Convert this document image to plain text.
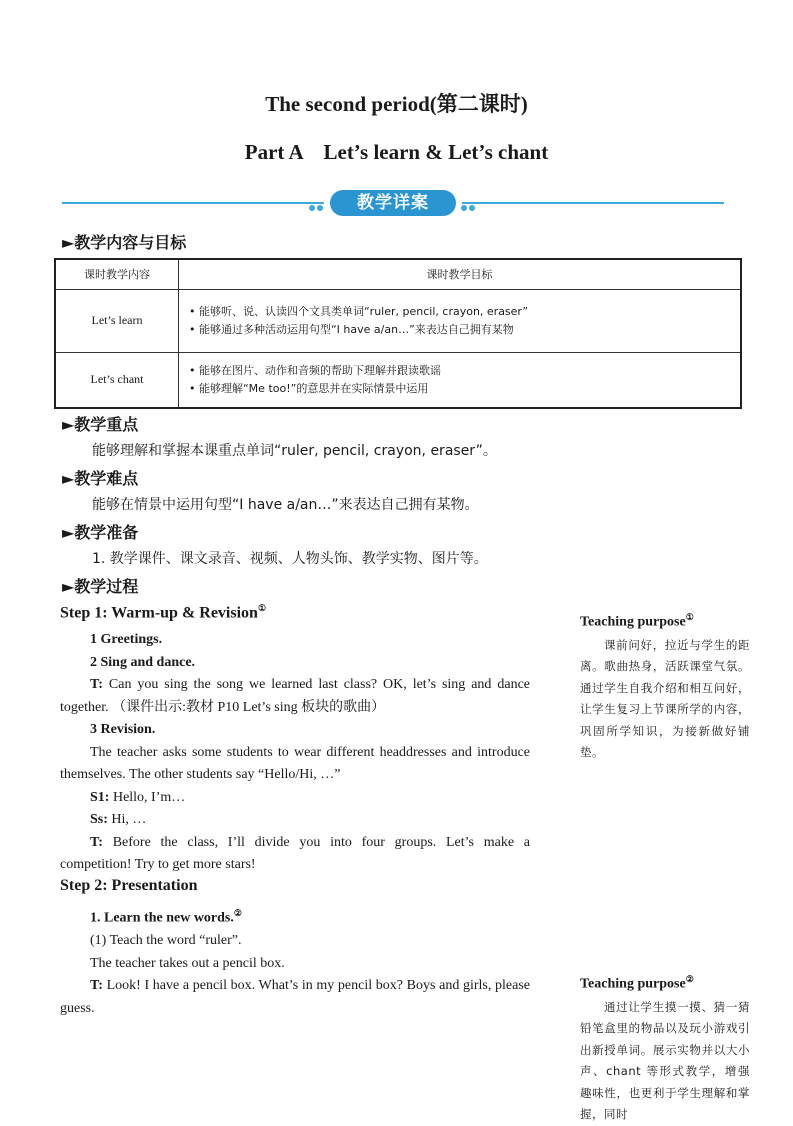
The second period(第二课时)
Part A    Let’s learn & Let’s chant
教学详案
►教学内容与目标
课时教学内容	课时教学目标
Let’s learn	• 能够听、说、认读四个文具类单词“ruler, pencil, crayon, eraser”
• 能够通过多种活动运用句型“I have a/an…”来表达自己拥有某物

Let’s chant	• 能够在图片、动作和音频的帮助下理解并跟读歌谣
• 能够理解“Me too!”的意思并在实际情景中运用
►教学重点
能够理解和掌握本课重点单词“ruler, pencil, crayon, eraser”。
►教学难点
能够在情景中运用句型“I have a/an…”来表达自己拥有某物。
►教学准备
1. 教学课件、课文录音、视频、人物头饰、教学实物、图片等。
►教学过程
Step 1: Warm-up & Revision①

1 Greetings.

2 Sing and dance.

T: Can you sing the song we learned last class? OK, let’s sing and dance together. （课件出示:教材 P10 Let’s sing 板块的歌曲）

3 Revision.

The teacher asks some students to wear different headdresses and introduce themselves. The other students say “Hello/Hi, …”

S1: Hello, I’m…

Ss: Hi, …

T: Before the class, I’ll divide you into four groups. Let’s make a competition! Try to get more stars!

Step 2: Presentation

1. Learn the new words.②

(1) Teach the word “ruler”.

The teacher takes out a pencil box.

T: Look! I have a pencil box. What’s in my pencil box? Boys and girls, please guess.

Teaching purpose①
课前问好，拉近与学生的距离。歌曲热身，活跃课堂气氛。通过学生自我介绍和相互问好，让学生复习上节课所学的内容，巩固所学知识，为接新做好铺垫。
Teaching purpose②
通过让学生摸一摸、猜一猜铅笔盒里的物品以及玩小游戏引出新授单词。展示实物并以大小声、chant 等形式教学，增强趣味性，也更利于学生理解和掌握，同时
